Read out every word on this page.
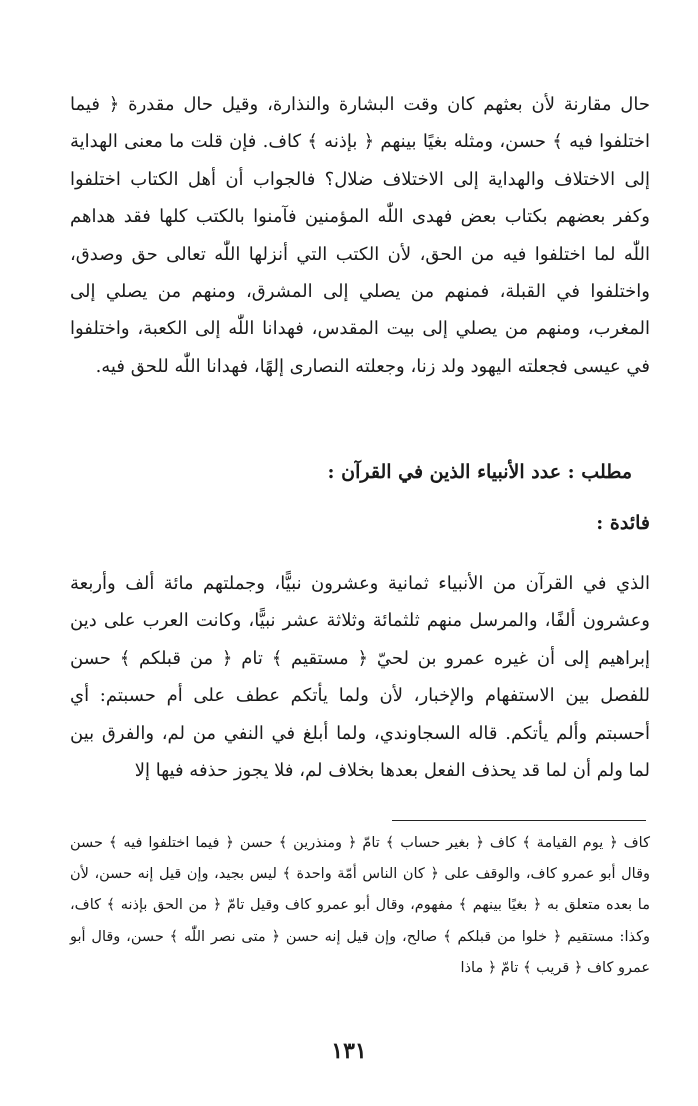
حال مقارنة لأن بعثهم كان وقت البشارة والنذارة، وقيل حال مقدرة ﴿ فيما اختلفوا فيه ﴾ حسن، ومثله بغيًا بينهم ﴿ بإذنه ﴾ كاف. فإن قلت ما معنى الهداية إلى الاختلاف والهداية إلى الاختلاف ضلال؟ فالجواب أن أهل الكتاب اختلفوا وكفر بعضهم بكتاب بعض فهدى اللّٰه المؤمنين فآمنوا بالكتب كلها فقد هداهم اللّٰه لما اختلفوا فيه من الحق، لأن الكتب التي أنزلها اللّٰه تعالى حق وصدق، واختلفوا في القبلة، فمنهم من يصلي إلى المشرق، ومنهم من يصلي إلى المغرب، ومنهم من يصلي إلى بيت المقدس، فهدانا اللّٰه إلى الكعبة، واختلفوا في عيسى فجعلته اليهود ولد زنا، وجعلته النصارى إلهًا، فهدانا اللّٰه للحق فيه.

مطلب : عدد الأنبياء الذين في القرآن :
فائدة :

الذي في القرآن من الأنبياء ثمانية وعشرون نبيًّا، وجملتهم مائة ألف وأربعة وعشرون ألفًا، والمرسل منهم ثلثمائة وثلاثة عشر نبيًّا، وكانت العرب على دين إبراهيم إلى أن غيره عمرو بن لحيّ ﴿ مستقيم ﴾ تام ﴿ من قبلكم ﴾ حسن للفصل بين الاستفهام والإخبار، لأن ولما يأتكم عطف على أم حسبتم: أي أحسبتم وألم يأتكم. قاله السجاوندي، ولما أبلغ في النفي من لم، والفرق بين لما ولم أن لما قد يحذف الفعل بعدها بخلاف لم، فلا يجوز حذفه فيها إلا

كاف ﴿ يوم القيامة ﴾ كاف ﴿ بغير حساب ﴾ تامّ ﴿ ومنذرين ﴾ حسن ﴿ فيما اختلفوا فيه ﴾ حسن وقال أبو عمرو كاف، والوقف على ﴿ كان الناس أمّة واحدة ﴾ ليس بجيد، وإن قيل إنه حسن، لأن ما بعده متعلق به ﴿ بغيًا بينهم ﴾ مفهوم، وقال أبو عمرو كاف وقيل تامّ ﴿ من الحق بإذنه ﴾ كاف، وكذا: مستقيم ﴿ خلوا من قبلكم ﴾ صالح، وإن قيل إنه حسن ﴿ متى نصر اللّٰه ﴾ حسن، وقال أبو عمرو كاف ﴿ قريب ﴾ تامّ ﴿ ماذا

١٣١
